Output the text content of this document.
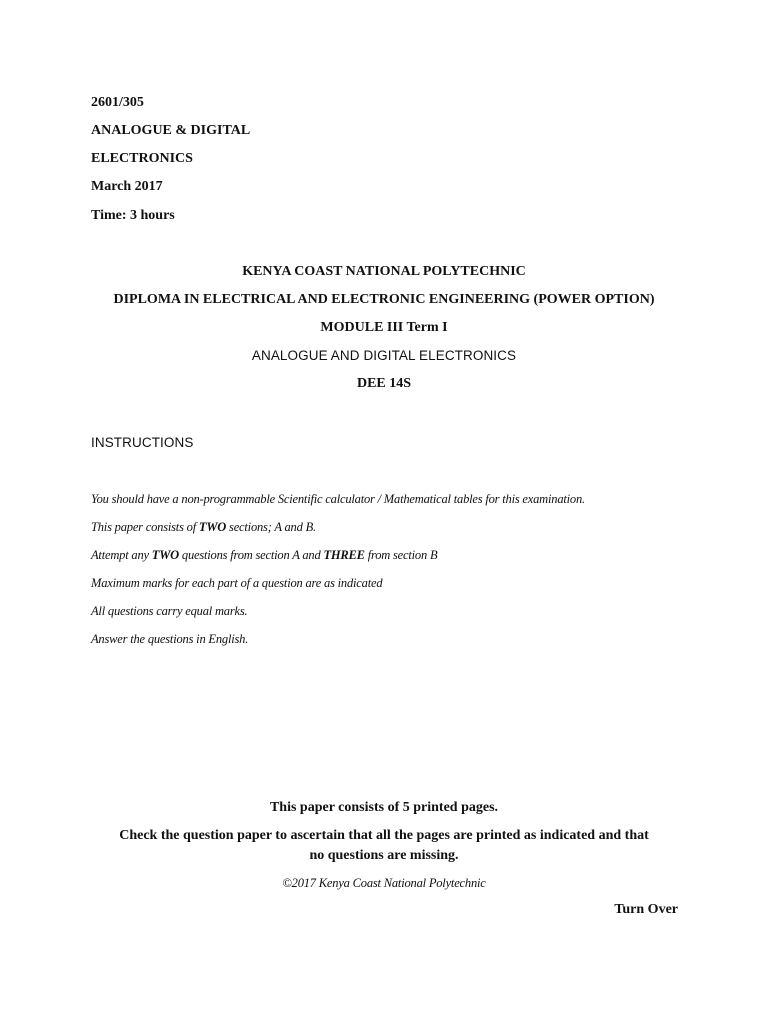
2601/305
ANALOGUE & DIGITAL
ELECTRONICS
March 2017
Time: 3 hours
KENYA COAST NATIONAL POLYTECHNIC
DIPLOMA IN ELECTRICAL AND ELECTRONIC ENGINEERING (POWER OPTION)
MODULE III Term I
ANALOGUE AND DIGITAL ELECTRONICS
DEE 14S
INSTRUCTIONS
You should have a non-programmable Scientific calculator / Mathematical tables for this examination.
This paper consists of TWO sections; A and B.
Attempt any TWO questions from section A and THREE from section B
Maximum marks for each part of a question are as indicated
All questions carry equal marks.
Answer the questions in English.
This paper consists of 5 printed pages.
Check the question paper to ascertain that all the pages are printed as indicated and that
no questions are missing.
©2017 Kenya Coast National Polytechnic
Turn Over
